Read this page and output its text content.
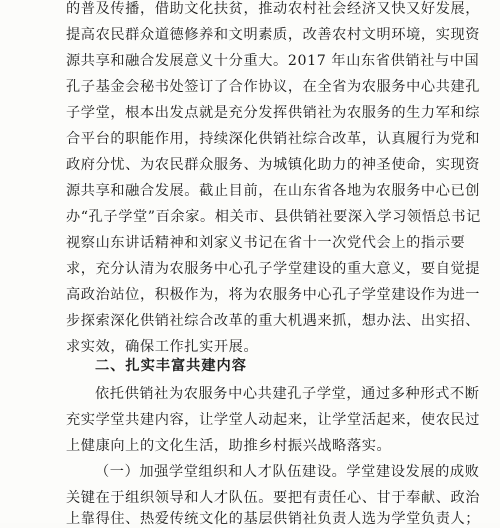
的普及传播，借助文化扶贫，推动农村社会经济又快又好发展，
提高农民群众道德修养和文明素质，改善农村文明环境，实现资
源共享和融合发展意义十分重大。2017 年山东省供销社与中国
孔子基金会秘书处签订了合作协议，在全省为农服务中心共建孔
子学堂，根本出发点就是充分发挥供销社为农服务的生力军和综
合平台的职能作用，持续深化供销社综合改革，认真履行为党和
政府分忧、为农民群众服务、为城镇化助力的神圣使命，实现资
源共享和融合发展。截止目前，在山东省各地为农服务中心已创
办“孔子学堂”百余家。相关市、县供销社要深入学习领悟总书记
视察山东讲话精神和刘家义书记在省十一次党代会上的指示要
求，充分认清为农服务中心孔子学堂建设的重大意义，要自觉提
高政治站位，积极作为，将为农服务中心孔子学堂建设作为进一
步探索深化供销社综合改革的重大机遇来抓，想办法、出实招、
求实效，确保工作扎实开展。
二、扎实丰富共建内容
依托供销社为农服务中心共建孔子学堂，通过多种形式不断
充实学堂共建内容，让学堂人动起来，让学堂活起来，使农民过
上健康向上的文化生活，助推乡村振兴战略落实。
（一）加强学堂组织和人才队伍建设。学堂建设发展的成败
关键在于组织领导和人才队伍。要把有责任心、甘于奉献、政治
上靠得住、热爱传统文化的基层供销社负责人选为学堂负责人；
